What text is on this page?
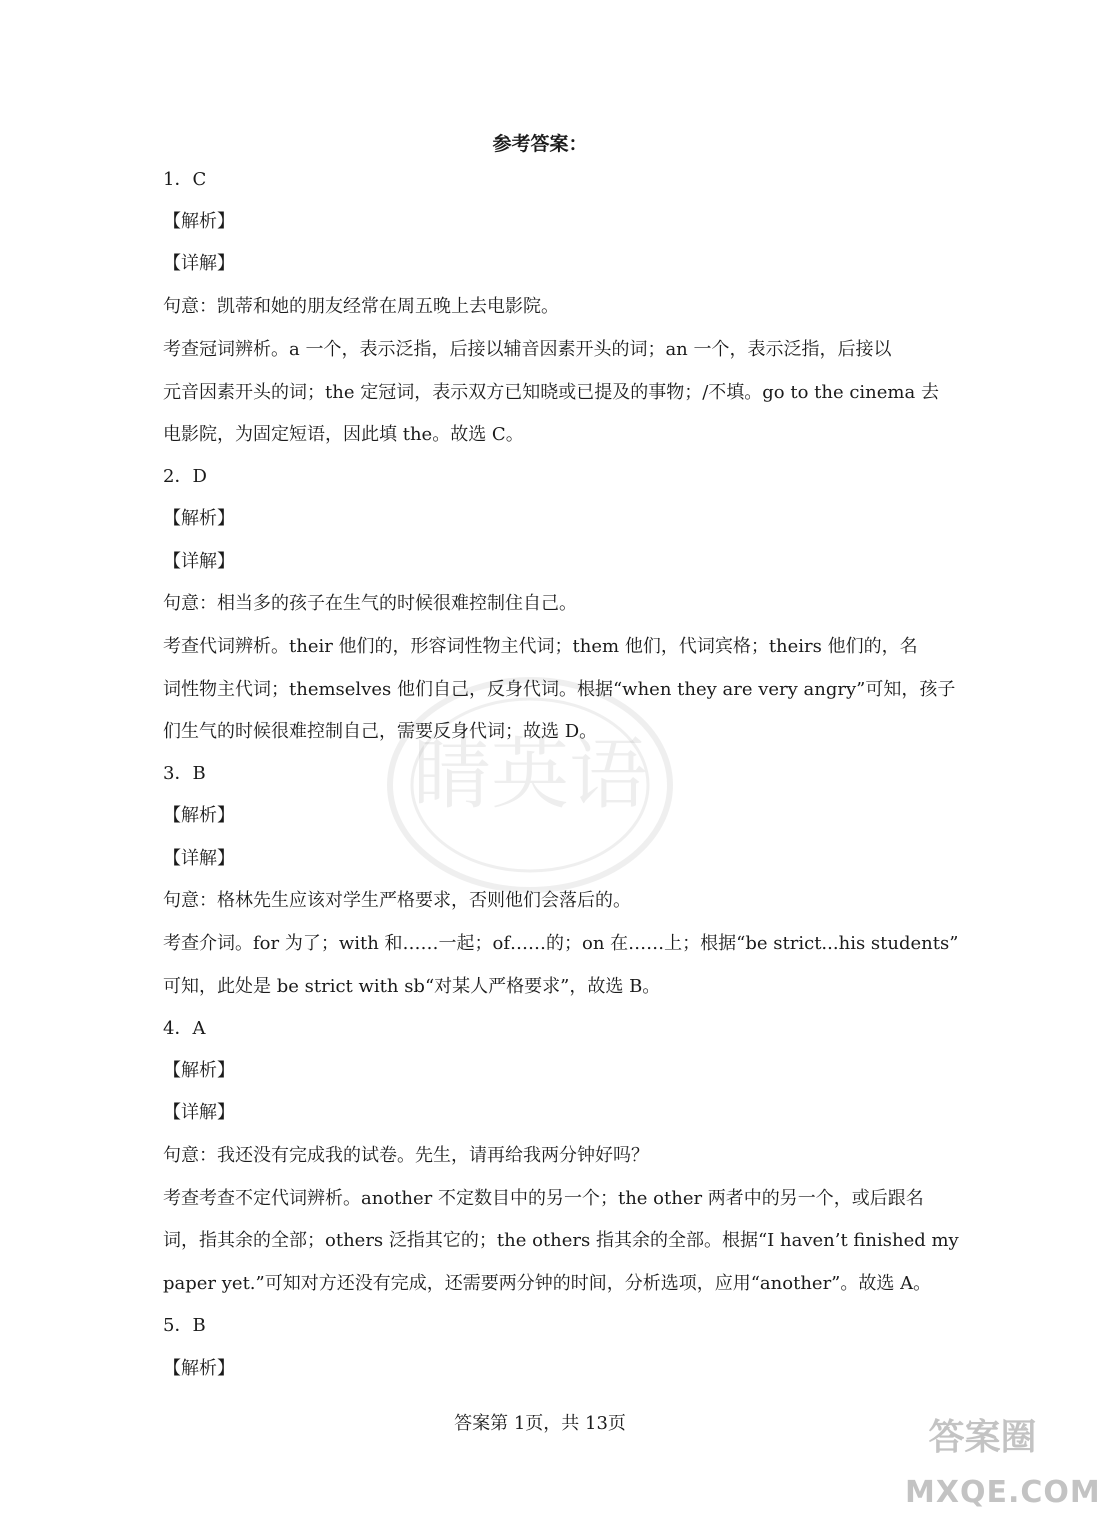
睛英语
参考答案：
1．C
【解析】
【详解】
句意：凯蒂和她的朋友经常在周五晚上去电影院。
考查冠词辨析。a 一个，表示泛指，后接以辅音因素开头的词；an 一个，表示泛指，后接以
元音因素开头的词；the 定冠词，表示双方已知晓或已提及的事物；/不填。go to the cinema 去
电影院，为固定短语，因此填 the。故选 C。
2．D
【解析】
【详解】
句意：相当多的孩子在生气的时候很难控制住自己。
考查代词辨析。their 他们的，形容词性物主代词；them 他们，代词宾格；theirs 他们的，名
词性物主代词；themselves 他们自己，反身代词。根据“when they are very angry”可知，孩子
们生气的时候很难控制自己，需要反身代词；故选 D。
3．B
【解析】
【详解】
句意：格林先生应该对学生严格要求，否则他们会落后的。
考查介词。for 为了；with 和……一起；of……的；on 在……上；根据“be strict...his students”
可知，此处是 be strict with sb“对某人严格要求”，故选 B。
4．A
【解析】
【详解】
句意：我还没有完成我的试卷。先生，请再给我两分钟好吗？
考查考查不定代词辨析。another 不定数目中的另一个；the other 两者中的另一个，或后跟名
词，指其余的全部；others 泛指其它的；the others 指其余的全部。根据“I haven’t finished my
paper yet.”可知对方还没有完成，还需要两分钟的时间，分析选项，应用“another”。故选 A。
5．B
【解析】
答案第 1页，共 13页	答案圈
MXQE.COM
